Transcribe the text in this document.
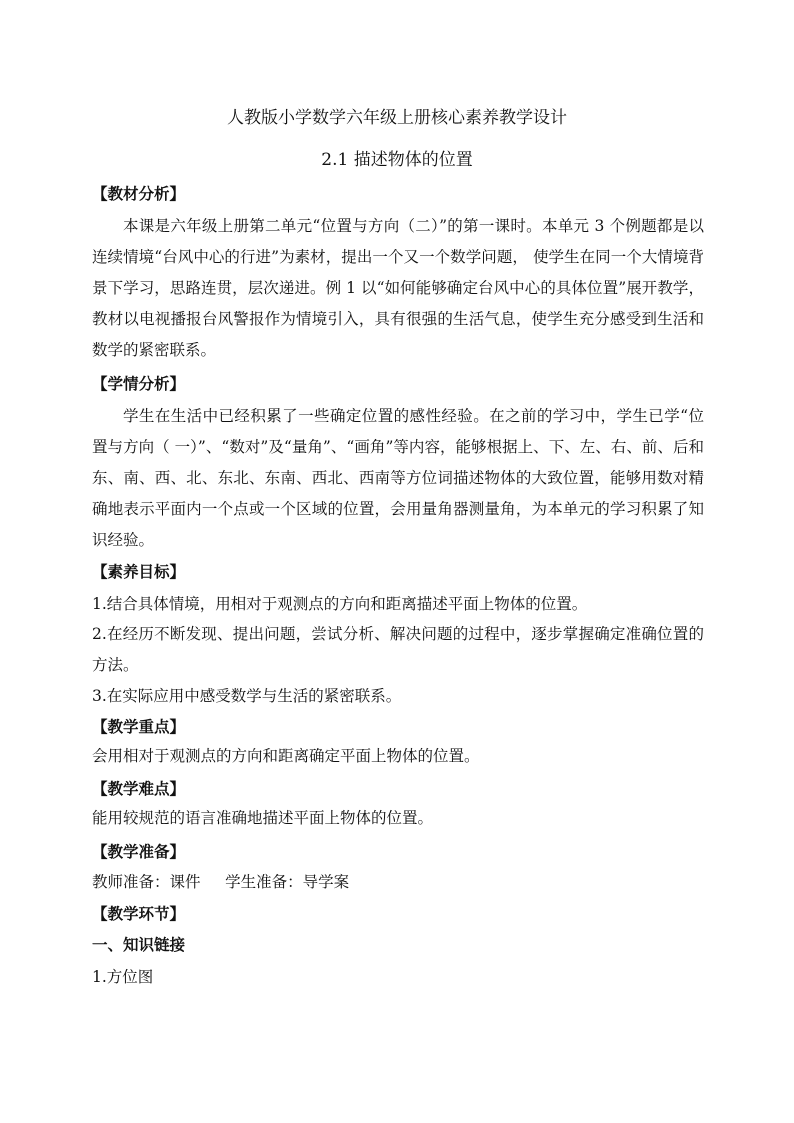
人教版小学数学六年级上册核心素养教学设计
2.1 描述物体的位置
【教材分析】
本课是六年级上册第二单元“位置与方向（二）”的第一课时。本单元 3 个例题都是以连续情境“台风中心的行进”为素材，提出一个又一个数学问题， 使学生在同一个大情境背景下学习，思路连贯，层次递进。例 1 以“如何能够确定台风中心的具体位置”展开教学，教材以电视播报台风警报作为情境引入，具有很强的生活气息，使学生充分感受到生活和数学的紧密联系。
【学情分析】
学生在生活中已经积累了一些确定位置的感性经验。在之前的学习中，学生已学“位置与方向（ 一）”、“数对”及“量角”、“画角”等内容，能够根据上、下、左、右、前、后和东、南、西、北、东北、东南、西北、西南等方位词描述物体的大致位置，能够用数对精确地表示平面内一个点或一个区域的位置，会用量角器测量角，为本单元的学习积累了知识经验。
【素养目标】
1.结合具体情境，用相对于观测点的方向和距离描述平面上物体的位置。
2.在经历不断发现、提出问题，尝试分析、解决问题的过程中，逐步掌握确定准确位置的方法。
3.在实际应用中感受数学与生活的紧密联系。
【教学重点】
会用相对于观测点的方向和距离确定平面上物体的位置。
【教学难点】
能用较规范的语言准确地描述平面上物体的位置。
【教学准备】
教师准备：课件     学生准备：导学案
【教学环节】
一、知识链接
1.方位图
